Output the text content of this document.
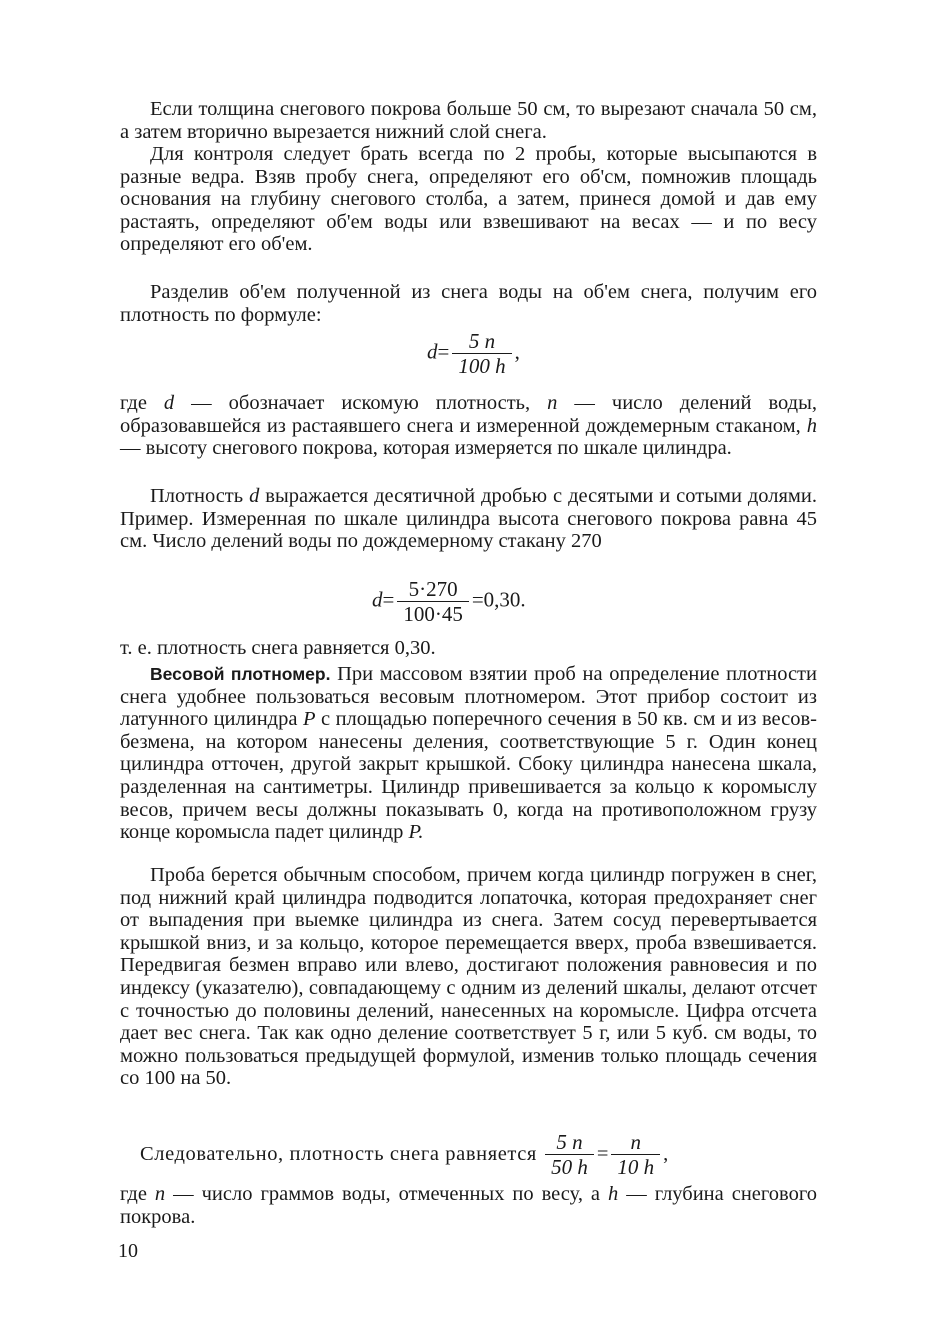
Если толщина снегового покрова больше 50 см, то вырезают сначала 50 см, а затем вторично вырезается нижний слой снега.

Для контроля следует брать всегда по 2 пробы, которые высыпаются в разные ведра. Взяв пробу снега, определяют его об'см, помножив площадь основания на глубину снегового столба, а затем, принеся домой и дав ему растаять, определяют об'ем воды или взвешивают на весах — и по весу определяют его об'ем.

Разделив об'ем полученной из снега воды на об'ем снега, получим его плотность по формуле:

$d= \frac{5 n}{100 h}$ ,

где d — обозначает искомую плотность, n — число делений воды, образовавшейся из растаявшего снега и измеренной дождемерным стаканом, h — высоту снегового покрова, которая измеряется по шкале цилиндра.

Плотность d выражается десятичной дробью с десятыми и сотыми долями. Пример. Измеренная по шкале цилиндра высота снегового покрова равна 45 см. Число делений воды по дождемерному стакану 270

$d= \frac{5\cdot 270}{100\cdot 45} =0,30$.

т. е. плотность снега равняется 0,30.

Весовой плотномер. При массовом взятии проб на определение плотности снега удобнее пользоваться весовым плотномером. Этот прибор состоит из латунного цилиндра P с площадью поперечного сечения в 50 кв. см и из весов-безмена, на котором нанесены деления, соответствующие 5 г. Один конец цилиндра отточен, другой закрыт крышкой. Сбоку цилиндра нанесена шкала, разделенная на сантиметры. Цилиндр привешивается за кольцо к коромыслу весов, причем весы должны показывать 0, когда на противоположном грузу конце коромысла падет цилиндр P.

Проба берется обычным способом, причем когда цилиндр погружен в снег, под нижний край цилиндра подводится лопаточка, которая предохраняет снег от выпадения при выемке цилиндра из снега. Затем сосуд перевертывается крышкой вниз, и за кольцо, которое перемещается вверх, проба взвешивается. Передвигая безмен вправо или влево, достигают положения равновесия и по индексу (указателю), совпадающему с одним из делений шкалы, делают отсчет с точностью до половины делений, нанесенных на коромысле. Цифра отсчета дает вес снега. Так как одно деление соответствует 5 г, или 5 куб. см воды, то можно пользоваться предыдущей формулой, изменив только площадь сечения со 100 на 50.

Следовательно, плотность снега равняется $\frac{5 n}{50 h} = \frac{n}{10 h}$ ,

где n — число граммов воды, отмеченных по весу, а h — глубина снегового покрова.

10
